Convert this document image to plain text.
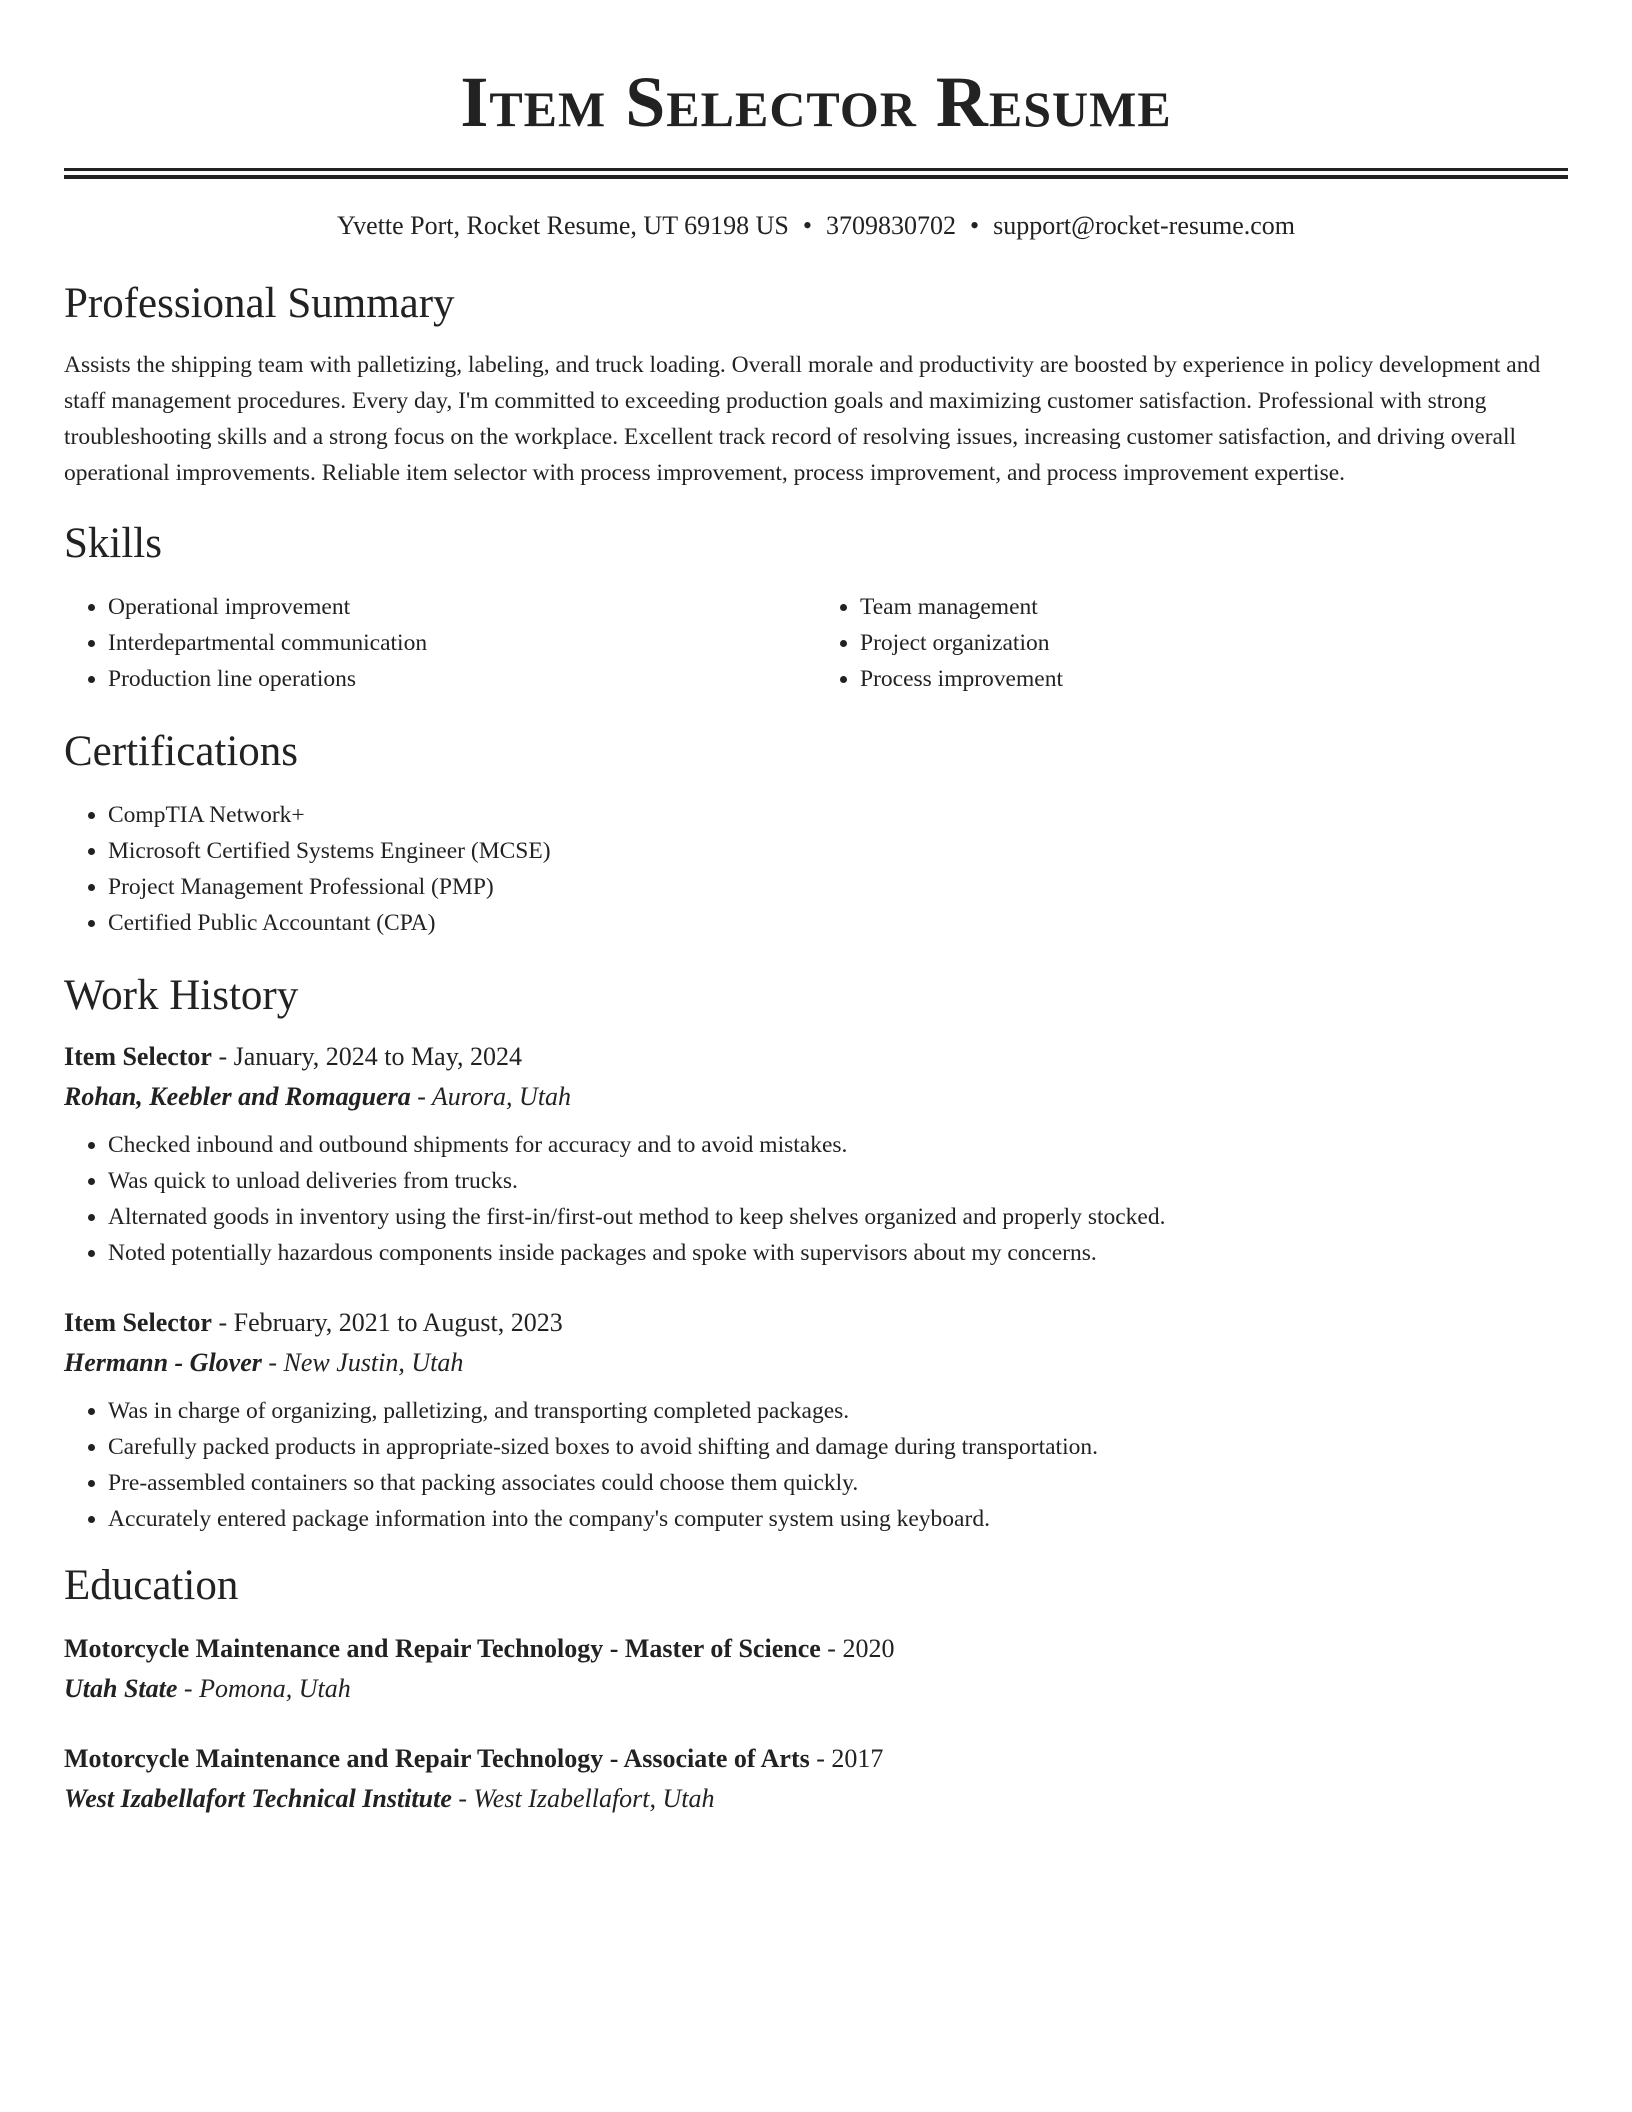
Item Selector Resume
Yvette Port, Rocket Resume, UT 69198 US • 3709830702 • support@rocket-resume.com
Professional Summary
Assists the shipping team with palletizing, labeling, and truck loading. Overall morale and productivity are boosted by experience in policy development and staff management procedures. Every day, I'm committed to exceeding production goals and maximizing customer satisfaction. Professional with strong troubleshooting skills and a strong focus on the workplace. Excellent track record of resolving issues, increasing customer satisfaction, and driving overall operational improvements. Reliable item selector with process improvement, process improvement, and process improvement expertise.
Skills
• Operational improvement
• Interdepartmental communication
• Production line operations
• Team management
• Project organization
• Process improvement
Certifications
• CompTIA Network+
• Microsoft Certified Systems Engineer (MCSE)
• Project Management Professional (PMP)
• Certified Public Accountant (CPA)
Work History
Item Selector - January, 2024 to May, 2024
Rohan, Keebler and Romaguera - Aurora, Utah
• Checked inbound and outbound shipments for accuracy and to avoid mistakes.
• Was quick to unload deliveries from trucks.
• Alternated goods in inventory using the first-in/first-out method to keep shelves organized and properly stocked.
• Noted potentially hazardous components inside packages and spoke with supervisors about my concerns.
Item Selector - February, 2021 to August, 2023
Hermann - Glover - New Justin, Utah
• Was in charge of organizing, palletizing, and transporting completed packages.
• Carefully packed products in appropriate-sized boxes to avoid shifting and damage during transportation.
• Pre-assembled containers so that packing associates could choose them quickly.
• Accurately entered package information into the company's computer system using keyboard.
Education
Motorcycle Maintenance and Repair Technology - Master of Science - 2020
Utah State - Pomona, Utah
Motorcycle Maintenance and Repair Technology - Associate of Arts - 2017
West Izabellafort Technical Institute - West Izabellafort, Utah
